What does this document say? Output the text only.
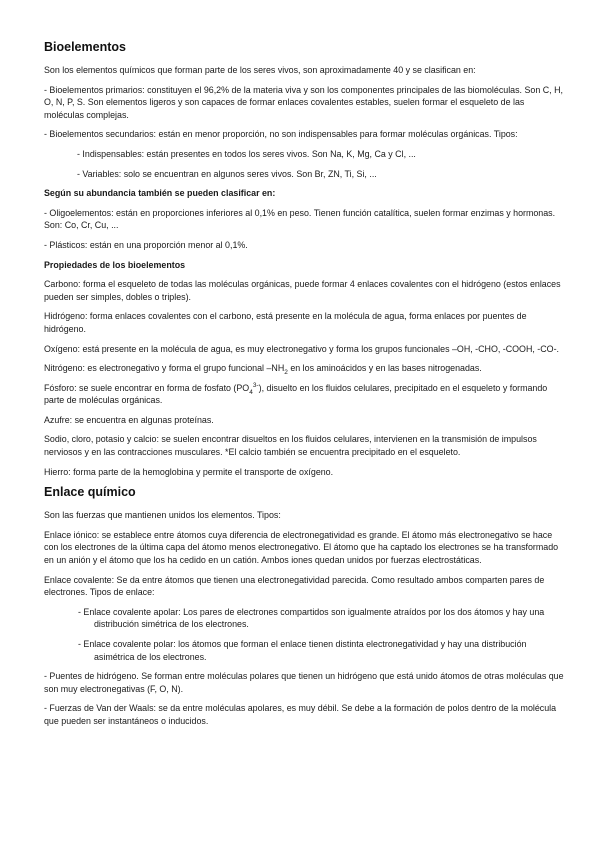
Bioelementos

Son los elementos químicos que forman parte de los seres vivos, son aproximadamente 40 y se clasifican en:

- Bioelementos primarios: constituyen el 96,2% de la materia viva y son los componentes principales de las biomoléculas. Son C, H, O, N, P, S. Son elementos ligeros y son capaces de formar enlaces covalentes estables, suelen formar el esqueleto de las moléculas complejas.

- Bioelementos secundarios: están en menor proporción, no son indispensables para formar moléculas orgánicas. Tipos:

- Indispensables: están presentes en todos los seres vivos. Son Na, K, Mg, Ca y Cl, ...

- Variables: solo se encuentran en algunos seres vivos. Son Br, ZN, Ti, Si, ...

Según su abundancia también se pueden clasificar en:

- Oligoelementos: están en proporciones inferiores al 0,1% en peso. Tienen función catalítica, suelen formar enzimas y hormonas. Son: Co, Cr, Cu, ...

- Plásticos: están en una proporción menor al 0,1%.

Propiedades de los bioelementos

Carbono: forma el esqueleto de todas las moléculas orgánicas, puede formar 4 enlaces covalentes con el hidrógeno (estos enlaces pueden ser simples, dobles o triples).

Hidrógeno: forma enlaces covalentes con el carbono, está presente en la molécula de agua, forma enlaces por puentes de hidrógeno.

Oxígeno: está presente en la molécula de agua, es muy electronegativo y forma los grupos funcionales –OH, -CHO, -COOH, -CO-.

Nitrógeno: es electronegativo y forma el grupo funcional $-NH_2$ en los aminoácidos y en las bases nitrogenadas.

Fósforo: se suele encontrar en forma de fosfato $(PO_4^{3-})$, disuelto en los fluidos celulares, precipitado en el esqueleto y formando parte de moléculas orgánicas.

Azufre: se encuentra en algunas proteínas.

Sodio, cloro, potasio y calcio: se suelen encontrar disueltos en los fluidos celulares, intervienen en la transmisión de impulsos nerviosos y en las contracciones musculares. *El calcio también se encuentra precipitado en el esqueleto.

Hierro: forma parte de la hemoglobina y permite el transporte de oxígeno.

Enlace químico

Son las fuerzas que mantienen unidos los elementos. Tipos:

Enlace iónico: se establece entre átomos cuya diferencia de electronegatividad es grande. El átomo más electronegativo se hace con los electrones de la última capa del átomo menos electronegativo. El átomo que ha captado los electrones se ha transformado en un anión y el átomo que los ha cedido en un catión. Ambos iones quedan unidos por fuerzas electrostáticas.

Enlace covalente: Se da entre átomos que tienen una electronegatividad parecida. Como resultado ambos comparten pares de electrones. Tipos de enlace:

- Enlace covalente apolar: Los pares de electrones compartidos son igualmente atraídos por los dos átomos y hay una distribución simétrica de los electrones.

- Enlace covalente polar: los átomos que forman el enlace tienen distinta electronegatividad y hay una distribución asimétrica de los electrones.

- Puentes de hidrógeno. Se forman entre moléculas polares que tienen un hidrógeno que está unido átomos de otras moléculas que son muy electronegativas (F, O, N).

- Fuerzas de Van der Waals: se da entre moléculas apolares, es muy débil. Se debe a la formación de polos dentro de la molécula que pueden ser instantáneos o inducidos.
